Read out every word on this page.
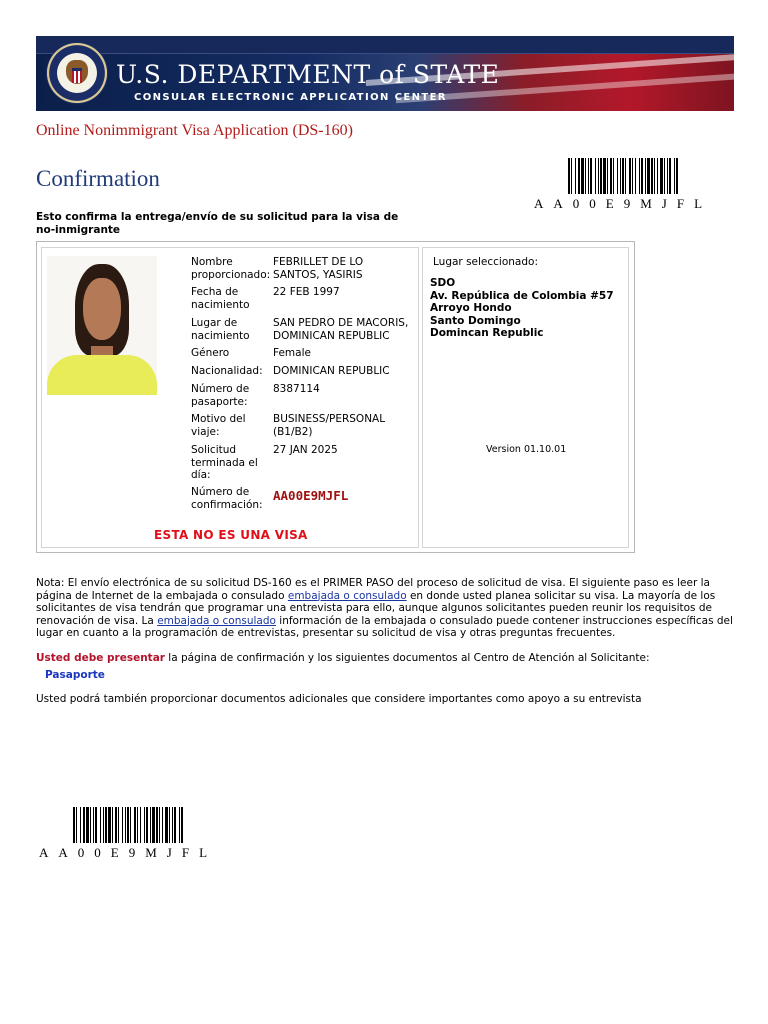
U.S. DEPARTMENT of STATE
CONSULAR ELECTRONIC APPLICATION CENTER
Online Nonimmigrant Visa Application (DS-160)
Confirmation
AA00E9MJFL
Esto confirma la entrega/envío de su solicitud para la visa de no-inmigrante
Nombre proporcionado:
FEBRILLET DE LO SANTOS, YASIRIS
Fecha de nacimiento
22 FEB 1997
Lugar de nacimiento
SAN PEDRO DE MACORIS, DOMINICAN REPUBLIC
Género	Female
Nacionalidad: DOMINICAN REPUBLIC
Número de pasaporte:
8387114
Motivo del viaje:
BUSINESS/PERSONAL (B1/B2)
Solicitud terminada el día:
27 JAN 2025
Número de confirmación:
AA00E9MJFL
ESTA NO ES UNA VISA
Lugar seleccionado:
SDO
Av. República de Colombia #57
Arroyo Hondo
Santo Domingo
Domincan Republic
Version 01.10.01
Nota: El envío electrónica de su solicitud DS-160 es el PRIMER PASO del proceso de solicitud de visa. El siguiente paso es leer la página de Internet de la embajada o consulado embajada o consulado en donde usted planea solicitar su visa. La mayoría de los solicitantes de visa tendrán que programar una entrevista para ello, aunque algunos solicitantes pueden reunir los requisitos de renovación de visa. La embajada o consulado información de la embajada o consulado puede contener instrucciones específicas del lugar en cuanto a la programación de entrevistas, presentar su solicitud de visa y otras preguntas frecuentes.
Usted debe presentar la página de confirmación y los siguientes documentos al Centro de Atención al Solicitante:
Pasaporte
Usted podrá también proporcionar documentos adicionales que considere importantes como apoyo a su entrevista
AA00E9MJFL
